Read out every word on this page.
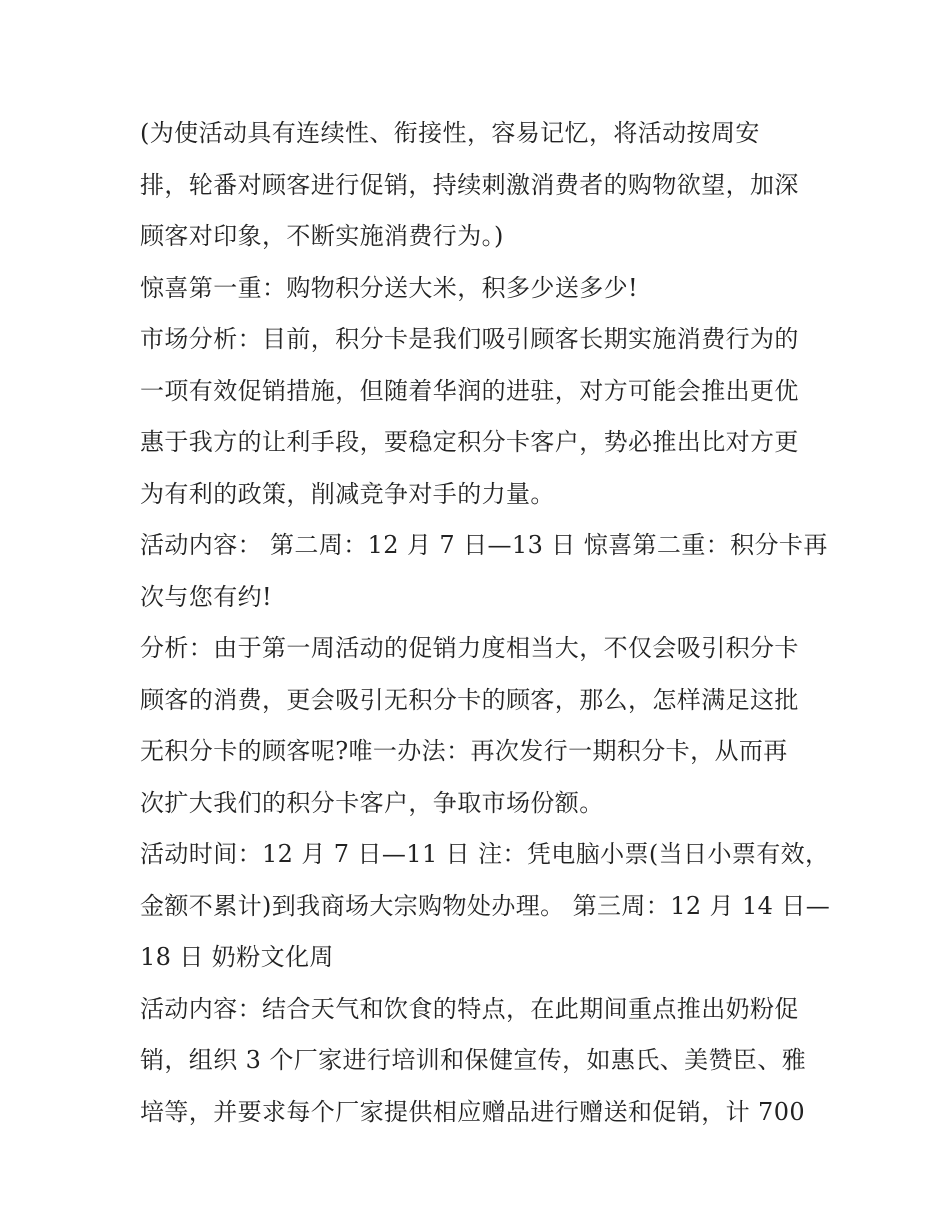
(为使活动具有连续性、衔接性，容易记忆，将活动按周安
排，轮番对顾客进行促销，持续刺激消费者的购物欲望，加深
顾客对印象，不断实施消费行为。)
惊喜第一重：购物积分送大米，积多少送多少!
市场分析：目前，积分卡是我们吸引顾客长期实施消费行为的
一项有效促销措施，但随着华润的进驻，对方可能会推出更优
惠于我方的让利手段，要稳定积分卡客户，势必推出比对方更
为有利的政策，削减竞争对手的力量。
活动内容： 第二周：12 月 7 日—13 日 惊喜第二重：积分卡再
次与您有约!
分析：由于第一周活动的促销力度相当大，不仅会吸引积分卡
顾客的消费，更会吸引无积分卡的顾客，那么，怎样满足这批
无积分卡的顾客呢?唯一办法：再次发行一期积分卡，从而再
次扩大我们的积分卡客户，争取市场份额。
活动时间：12 月 7 日—11 日 注：凭电脑小票(当日小票有效，
金额不累计)到我商场大宗购物处办理。 第三周：12 月 14 日—
18 日 奶粉文化周
活动内容：结合天气和饮食的特点，在此期间重点推出奶粉促
销，组织 3 个厂家进行培训和保健宣传，如惠氏、美赞臣、雅
培等，并要求每个厂家提供相应赠品进行赠送和促销，计 700
